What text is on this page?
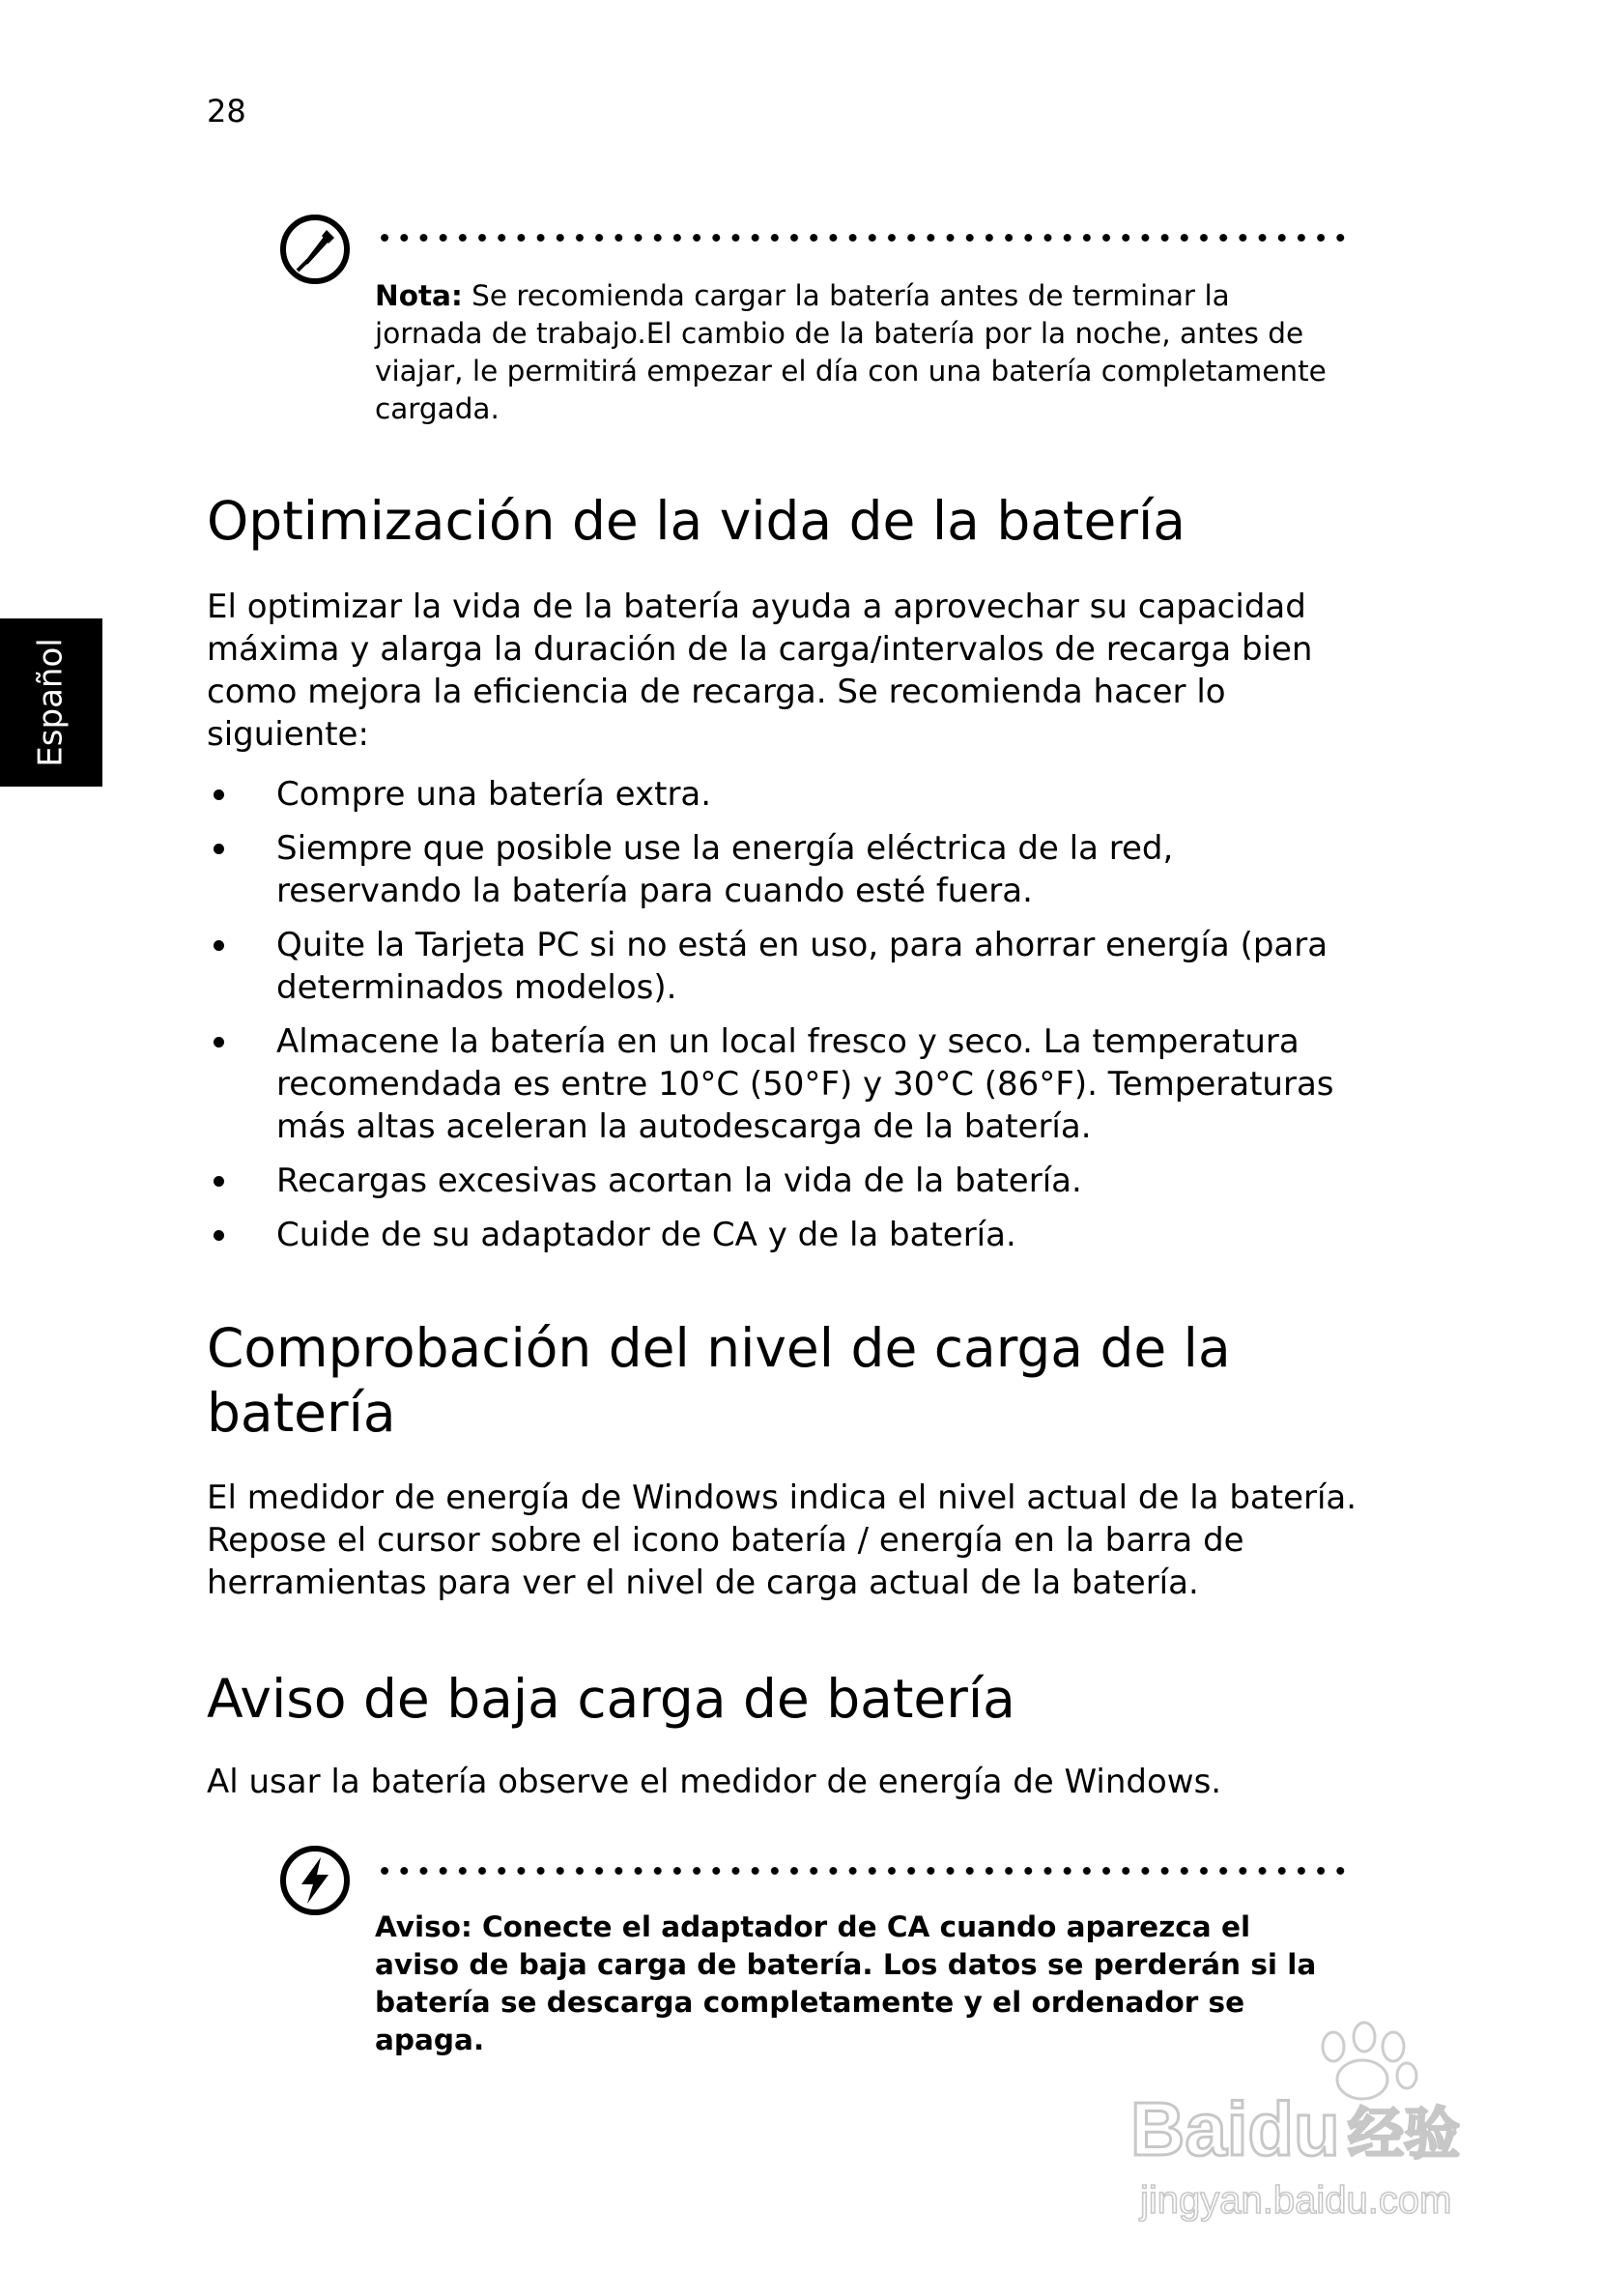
28
Español
Nota: Se recomienda cargar la batería antes de terminar la jornada de trabajo.El cambio de la batería por la noche, antes de viajar, le permitirá empezar el día con una batería completamente cargada.
Optimización de la vida de la batería

El optimizar la vida de la batería ayuda a aprovechar su capacidad máxima y alarga la duración de la carga/intervalos de recarga bien como mejora la eficiencia de recarga. Se recomienda hacer lo siguiente:

Compre una batería extra.
Siempre que posible use la energía eléctrica de la red, reservando la batería para cuando esté fuera.
Quite la Tarjeta PC si no está en uso, para ahorrar energía (para determinados modelos).
Almacene la batería en un local fresco y seco. La temperatura recomendada es entre 10°C (50°F) y 30°C (86°F). Temperaturas más altas aceleran la autodescarga de la batería.
Recargas excesivas acortan la vida de la batería.
Cuide de su adaptador de CA y de la batería.
Comprobación del nivel de carga de la batería

El medidor de energía de Windows indica el nivel actual de la batería. Repose el cursor sobre el icono batería / energía en la barra de herramientas para ver el nivel de carga actual de la batería.

Aviso de baja carga de batería

Al usar la batería observe el medidor de energía de Windows.

Aviso: Conecte el adaptador de CA cuando aparezca el aviso de baja carga de batería. Los datos se perderán si la batería se descarga completamente y el ordenador se apaga.
Baidu 经验
jingyan.baidu.com
